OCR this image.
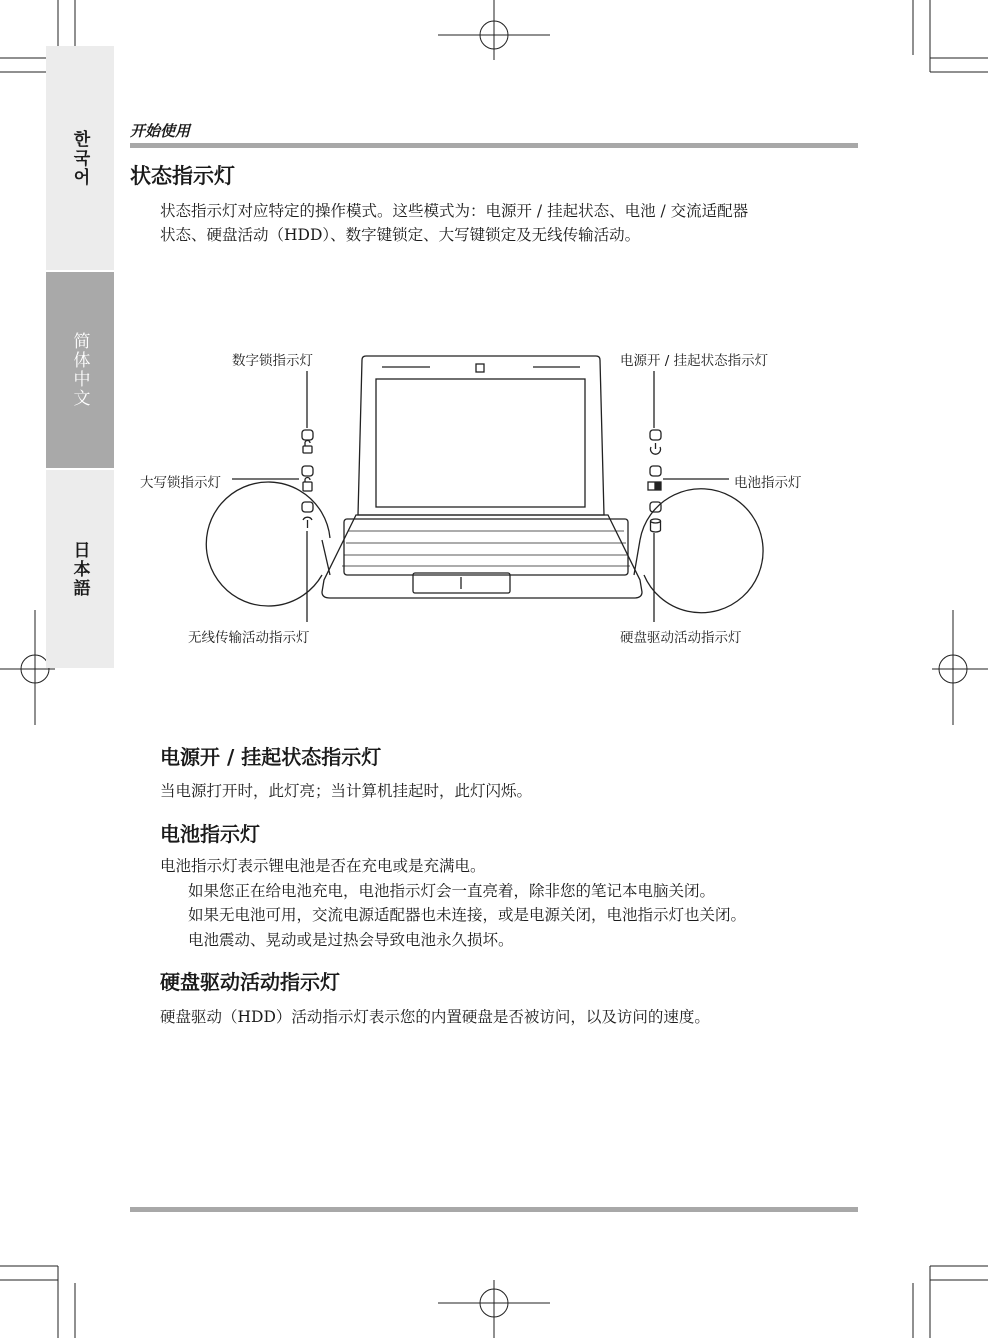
한국어
简体中文
日本語
开始使用
状态指示灯
状态指示灯对应特定的操作模式。这些模式为：电源开 / 挂起状态、电池 / 交流适配器
状态、硬盘活动（HDD）、数字键锁定、大写键锁定及无线传输活动。
数字锁指示灯
大写锁指示灯
无线传输活动指示灯
电源开 / 挂起状态指示灯
电池指示灯
硬盘驱动活动指示灯
电源开 / 挂起状态指示灯
当电源打开时，此灯亮；当计算机挂起时，此灯闪烁。
电池指示灯
电池指示灯表示锂电池是否在充电或是充满电。
如果您正在给电池充电，电池指示灯会一直亮着，除非您的笔记本电脑关闭。
如果无电池可用，交流电源适配器也未连接，或是电源关闭，电池指示灯也关闭。
电池震动、晃动或是过热会导致电池永久损坏。
硬盘驱动活动指示灯
硬盘驱动（HDD）活动指示灯表示您的内置硬盘是否被访问，以及访问的速度。
